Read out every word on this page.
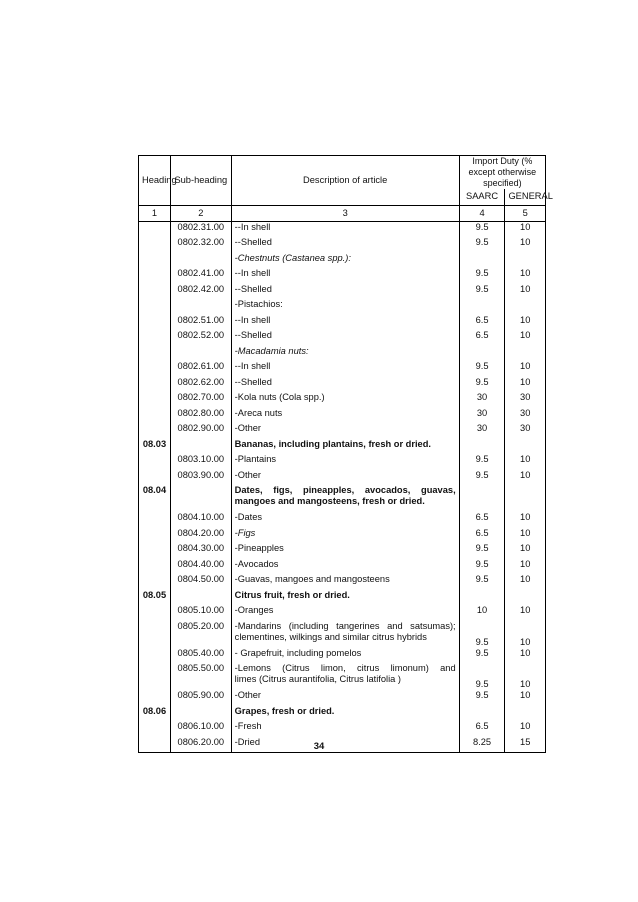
Heading	Sub-heading	Description of article	Import Duty (% except otherwise specified)	
			SAARC	GENERAL
1	2	3	4	5
	0802.31.00	--In shell	9.5	10
	0802.32.00	--Shelled	9.5	10

		-Chestnuts (Castanea spp.):		

	0802.41.00	--In shell	9.5	10
	0802.42.00	--Shelled	9.5	10

		-Pistachios:		

	0802.51.00	--In shell	6.5	10
	0802.52.00	--Shelled	6.5	10

		-Macadamia nuts:		

	0802.61.00	--In shell	9.5	10
	0802.62.00	--Shelled	9.5	10
	0802.70.00	-Kola nuts (Cola spp.)	30	30
	0802.80.00	-Areca nuts	30	30
	0802.90.00	-Other	30	30
08.03		Bananas, including plantains, fresh or dried.		

	0803.10.00	-Plantains	9.5	10
	0803.90.00	-Other	9.5	10
08.04		Dates, figs, pineapples, avocados, guavas,
mangoes and mangosteens, fresh or dried.		

	0804.10.00	-Dates	6.5	10
	0804.20.00	-Figs	6.5	10
	0804.30.00	-Pineapples	9.5	10
	0804.40.00	-Avocados	9.5	10
	0804.50.00	-Guavas, mangoes and mangosteens	9.5	10
08.05		Citrus fruit, fresh or dried.		

	0805.10.00	-Oranges	10	10
	0805.20.00	-Mandarins (including tangerines and satsumas);
clementines, wilkings and similar citrus hybrids	9.5	10
	0805.40.00	- Grapefruit, including pomelos	9.5	10
	0805.50.00	-Lemons (Citrus limon, citrus limonum) and
limes (Citrus aurantifolia, Citrus latifolia )	9.5	10
	0805.90.00	-Other	9.5	10
08.06		Grapes, fresh or dried.		

	0806.10.00	-Fresh	6.5	10
	0806.20.00	-Dried	8.25	15
34
